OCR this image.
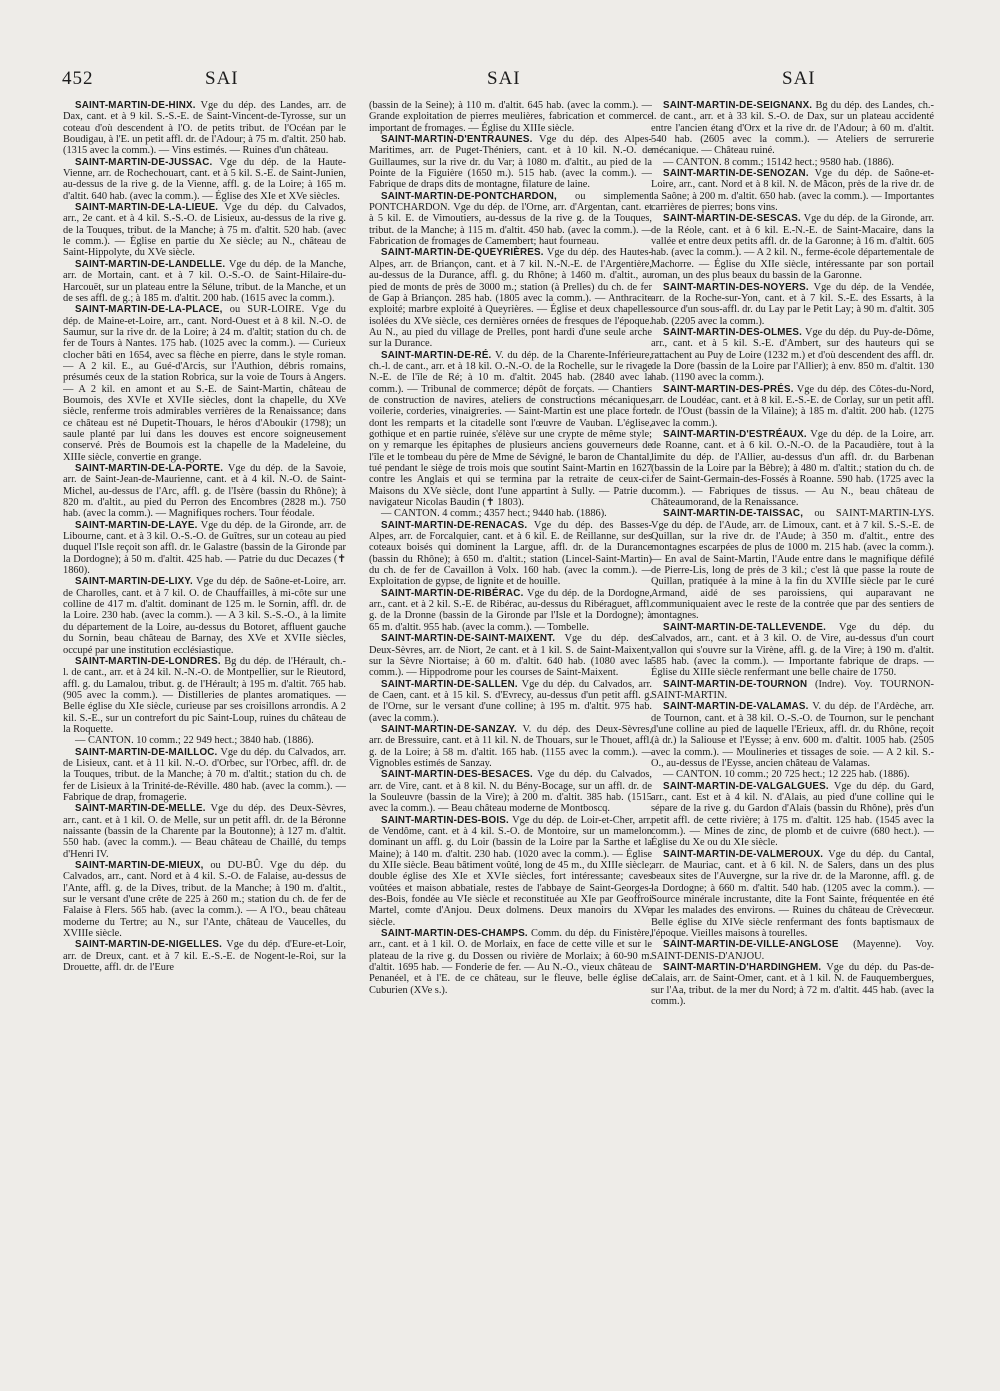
452	SAI	SAI	SAI

SAINT-MARTIN-DE-HINX. Vge du dép. des Landes, arr. de Dax, cant. et à 9 kil. S.-S.-E. de Saint-Vincent-de-Tyrosse, sur un coteau d'où descendent à l'O. de petits tribut. de l'Océan par le Boudigau, à l'E. un petit affl. dr. de l'Adour; à 75 m. d'altit. 250 hab. (1315 avec la comm.). — Vins estimés. — Ruines d'un château.

SAINT-MARTIN-DE-JUSSAC. Vge du dép. de la Haute-Vienne, arr. de Rochechouart, cant. et à 5 kil. S.-E. de Saint-Junien, au-dessus de la rive g. de la Vienne, affl. g. de la Loire; à 165 m. d'altit. 640 hab. (avec la comm.). — Église des XIe et XVe siècles.

SAINT-MARTIN-DE-LA-LIEUE. Vge du dép. du Calvados, arr., 2e cant. et à 4 kil. S.-S.-O. de Lisieux, au-dessus de la rive g. de la Touques, tribut. de la Manche; à 75 m. d'altit. 520 hab. (avec le comm.). — Église en partie du Xe siècle; au N., château de Saint-Hippolyte, du XVe siècle.

SAINT-MARTIN-DE-LANDELLE. Vge du dép. de la Manche, arr. de Mortain, cant. et à 7 kil. O.-S.-O. de Saint-Hilaire-du-Harcouët, sur un plateau entre la Sélune, tribut. de la Manche, et un de ses affl. de g.; à 185 m. d'altit. 200 hab. (1615 avec la comm.).

SAINT-MARTIN-DE-LA-PLACE, ou SUR-LOIRE. Vge du dép. de Maine-et-Loire, arr., cant. Nord-Ouest et à 8 kil. N.-O. de Saumur, sur la rive dr. de la Loire; à 24 m. d'altit; station du ch. de fer de Tours à Nantes. 175 hab. (1025 avec la comm.). — Curieux clocher bâti en 1654, avec sa flèche en pierre, dans le style roman. — A 2 kil. E., au Gué-d'Arcis, sur l'Authion, débris romains, présumés ceux de la station Robrica, sur la voie de Tours à Angers. — A 2 kil. en amont et au S.-E. de Saint-Martin, château de Boumois, des XVIe et XVIIe siècles, dont la chapelle, du XVe siècle, renferme trois admirables verrières de la Renaissance; dans ce château est né Dupetit-Thouars, le héros d'Aboukir (1798); un saule planté par lui dans les douves est encore soigneusement conservé. Près de Boumois est la chapelle de la Madeleine, du XIIIe siècle, convertie en grange.

SAINT-MARTIN-DE-LA-PORTE. Vge du dép. de la Savoie, arr. de Saint-Jean-de-Maurienne, cant. et à 4 kil. N.-O. de Saint-Michel, au-dessus de l'Arc, affl. g. de l'Isère (bassin du Rhône); à 820 m. d'altit., au pied du Perron des Encombres (2828 m.). 750 hab. (avec la comm.). — Magnifiques rochers. Tour féodale.

SAINT-MARTIN-DE-LAYE. Vge du dép. de la Gironde, arr. de Libourne, cant. et à 3 kil. O.-S.-O. de Guîtres, sur un coteau au pied duquel l'Isle reçoit son affl. dr. le Galastre (bassin de la Gironde par la Dordogne); à 50 m. d'altit. 425 hab. — Patrie du duc Decazes (✝ 1860).

SAINT-MARTIN-DE-LIXY. Vge du dép. de Saône-et-Loire, arr. de Charolles, cant. et à 7 kil. O. de Chauffailles, à mi-côte sur une colline de 417 m. d'altit. dominant de 125 m. le Sornin, affl. dr. de la Loire. 230 hab. (avec la comm.). — A 3 kil. S.-S.-O., à la limite du département de la Loire, au-dessus du Botoret, affluent gauche du Sornin, beau château de Barnay, des XVe et XVIIe siècles, occupé par une institution ecclésiastique.

SAINT-MARTIN-DE-LONDRES. Bg du dép. de l'Hérault, ch.-l. de cant., arr. et à 24 kil. N.-N.-O. de Montpellier, sur le Rieutord, affl. g. du Lamalou, tribut. g. de l'Hérault; à 195 m. d'altit. 765 hab. (905 avec la comm.). — Distilleries de plantes aromatiques. — Belle église du XIe siècle, curieuse par ses croisillons arrondis. A 2 kil. S.-E., sur un contrefort du pic Saint-Loup, ruines du château de la Roquette.

— CANTON. 10 comm.; 22 949 hect.; 3840 hab. (1886).

SAINT-MARTIN-DE-MAILLOC. Vge du dép. du Calvados, arr. de Lisieux, cant. et à 11 kil. N.-O. d'Orbec, sur l'Orbec, affl. dr. de la Touques, tribut. de la Manche; à 70 m. d'altit.; station du ch. de fer de Lisieux à la Trinité-de-Réville. 480 hab. (avec la comm.). — Fabrique de drap, fromagerie.

SAINT-MARTIN-DE-MELLE. Vge du dép. des Deux-Sèvres, arr., cant. et à 1 kil. O. de Melle, sur un petit affl. dr. de la Béronne naissante (bassin de la Charente par la Boutonne); à 127 m. d'altit. 550 hab. (avec la comm.). — Beau château de Chaillé, du temps d'Henri IV.

SAINT-MARTIN-DE-MIEUX, ou DU-BÛ. Vge du dép. du Calvados, arr., cant. Nord et à 4 kil. S.-O. de Falaise, au-dessus de l'Ante, affl. g. de la Dives, tribut. de la Manche; à 190 m. d'altit., sur le versant d'une crête de 225 à 260 m.; station du ch. de fer de Falaise à Flers. 565 hab. (avec la comm.). — A l'O., beau château moderne du Tertre; au N., sur l'Ante, château de Vaucelles, du XVIIIe siècle.

SAINT-MARTIN-DE-NIGELLES. Vge du dép. d'Eure-et-Loir, arr. de Dreux, cant. et à 7 kil. E.-S.-E. de Nogent-le-Roi, sur la Drouette, affl. dr. de l'Eure

(bassin de la Seine); à 110 m. d'altit. 645 hab. (avec la comm.). — Grande exploitation de pierres meulières, fabrication et commerce important de fromages. — Église du XIIIe siècle.

SAINT-MARTIN-D'ENTRAUNES. Vge du dép. des Alpes-Maritimes, arr. de Puget-Théniers, cant. et à 10 kil. N.-O. de Guillaumes, sur la rive dr. du Var; à 1080 m. d'altit., au pied de la Pointe de la Figuière (1650 m.). 515 hab. (avec la comm.). — Fabrique de draps dits de montagne, filature de laine.

SAINT-MARTIN-DE-PONTCHARDON, ou simplement PONTCHARDON. Vge du dép. de l'Orne, arr. d'Argentan, cant. et à 5 kil. E. de Vimoutiers, au-dessus de la rive g. de la Touques, tribut. de la Manche; à 115 m. d'altit. 450 hab. (avec la comm.). — Fabrication de fromages de Camembert; haut fourneau.

SAINT-MARTIN-DE-QUEYRIÈRES. Vge du dép. des Hautes-Alpes, arr. de Briançon, cant. et à 7 kil. N.-N.-E. de l'Argentière, au-dessus de la Durance, affl. g. du Rhône; à 1460 m. d'altit., au pied de monts de près de 3000 m.; station (à Prelles) du ch. de fer de Gap à Briançon. 285 hab. (1805 avec la comm.). — Anthracite exploité; marbre exploité à Queyrières. — Église et deux chapelles isolées du XVe siècle, ces dernières ornées de fresques de l'époque. Au N., au pied du village de Prelles, pont hardi d'une seule arche sur la Durance.

SAINT-MARTIN-DE-RÉ. V. du dép. de la Charente-Inférieure, ch.-l. de cant., arr. et à 18 kil. O.-N.-O. de la Rochelle, sur le rivage N.-E. de l'île de Ré; à 10 m. d'altit. 2045 hab. (2840 avec la comm.). — Tribunal de commerce; dépôt de forçats. — Chantiers de construction de navires, ateliers de constructions mécaniques, voilerie, corderies, vinaigreries. — Saint-Martin est une place forte dont les remparts et la citadelle sont l'œuvre de Vauban. L'église, gothique et en partie ruinée, s'élève sur une crypte de même style; on y remarque les épitaphes de plusieurs anciens gouverneurs de l'île et le tombeau du père de Mme de Sévigné, le baron de Chantal, tué pendant le siège de trois mois que soutint Saint-Martin en 1627 contre les Anglais et qui se termina par la retraite de ceux-ci. Maisons du XVe siècle, dont l'une appartint à Sully. — Patrie du navigateur Nicolas Baudin (✝ 1803).

— CANTON. 4 comm.; 4357 hect.; 9440 hab. (1886).

SAINT-MARTIN-DE-RENACAS. Vge du dép. des Basses-Alpes, arr. de Forcalquier, cant. et à 6 kil. E. de Reillanne, sur des coteaux boisés qui dominent la Largue, affl. dr. de la Durance (bassin du Rhône); à 650 m. d'altit.; station (Lincel-Saint-Martin) du ch. de fer de Cavaillon à Volx. 160 hab. (avec la comm.). — Exploitation de gypse, de lignite et de houille.

SAINT-MARTIN-DE-RIBÉRAC. Vge du dép. de la Dordogne, arr., cant. et à 2 kil. S.-E. de Ribérac, au-dessus du Ribéraguet, affl. g. de la Dronne (bassin de la Gironde par l'Isle et la Dordogne); à 65 m. d'altit. 955 hab. (avec la comm.). — Tombelle.

SAINT-MARTIN-DE-SAINT-MAIXENT. Vge du dép. des Deux-Sèvres, arr. de Niort, 2e cant. et à 1 kil. S. de Saint-Maixent, sur la Sèvre Niortaise; à 60 m. d'altit. 640 hab. (1080 avec la comm.). — Hippodrome pour les courses de Saint-Maixent.

SAINT-MARTIN-DE-SALLEN. Vge du dép. du Calvados, arr. de Caen, cant. et à 15 kil. S. d'Evrecy, au-dessus d'un petit affl. g. de l'Orne, sur le versant d'une colline; à 195 m. d'altit. 975 hab. (avec la comm.).

SAINT-MARTIN-DE-SANZAY. V. du dép. des Deux-Sèvres, arr. de Bressuire, cant. et à 11 kil. N. de Thouars, sur le Thouet, affl. g. de la Loire; à 58 m. d'altit. 165 hab. (1155 avec la comm.). — Vignobles estimés de Sanzay.

SAINT-MARTIN-DES-BESACES. Vge du dép. du Calvados, arr. de Vire, cant. et à 8 kil. N. du Bény-Bocage, sur un affl. dr. de la Souleuvre (bassin de la Vire); à 200 m. d'altit. 385 hab. (1515 avec la comm.). — Beau château moderne de Montboscq.

SAINT-MARTIN-DES-BOIS. Vge du dép. de Loir-et-Cher, arr. de Vendôme, cant. et à 4 kil. S.-O. de Montoire, sur un mamelon dominant un affl. g. du Loir (bassin de la Loire par la Sarthe et la Maine); à 140 m. d'altit. 230 hab. (1020 avec la comm.). — Église du XIIe siècle. Beau bâtiment voûté, long de 45 m., du XIIIe siècle; double église des XIe et XVIe siècles, fort intéressante; caves voûtées et maison abbatiale, restes de l'abbaye de Saint-Georges-des-Bois, fondée au VIe siècle et reconstituée au XIe par Geoffroi Martel, comte d'Anjou. Deux dolmens. Deux manoirs du XVe siècle.

SAINT-MARTIN-DES-CHAMPS. Comm. du dép. du Finistère, arr., cant. et à 1 kil. O. de Morlaix, en face de cette ville et sur le plateau de la rive g. du Dossen ou rivière de Morlaix; à 60-90 m. d'altit. 1695 hab. — Fonderie de fer. — Au N.-O., vieux château de Penanéel, et à l'E. de ce château, sur le fleuve, belle église de Cuburien (XVe s.).

SAINT-MARTIN-DE-SEIGNANX. Bg du dép. des Landes, ch.-l. de cant., arr. et à 33 kil. S.-O. de Dax, sur un plateau accidenté entre l'ancien étang d'Orx et la rive dr. de l'Adour; à 60 m. d'altit. 540 hab. (2605 avec la comm.). — Ateliers de serrurerie mécanique. — Château ruiné.

— CANTON. 8 comm.; 15142 hect.; 9580 hab. (1886).

SAINT-MARTIN-DE-SENOZAN. Vge du dép. de Saône-et-Loire, arr., cant. Nord et à 8 kil. N. de Mâcon, près de la rive dr. de la Saône; à 200 m. d'altit. 650 hab. (avec la comm.). — Importantes carrières de pierres; bons vins.

SAINT-MARTIN-DE-SESCAS. Vge du dép. de la Gironde, arr. de la Réole, cant. et à 6 kil. E.-N.-E. de Saint-Macaire, dans la vallée et entre deux petits affl. dr. de la Garonne; à 16 m. d'altit. 605 hab. (avec la comm.). — A 2 kil. N., ferme-école départementale de Machorre. — Église du XIIe siècle, intéressante par son portail roman, un des plus beaux du bassin de la Garonne.

SAINT-MARTIN-DES-NOYERS. Vge du dép. de la Vendée, arr. de la Roche-sur-Yon, cant. et à 7 kil. S.-E. des Essarts, à la source d'un sous-affl. dr. du Lay par le Petit Lay; à 90 m. d'altit. 305 hab. (2205 avec la comm.).

SAINT-MARTIN-DES-OLMES. Vge du dép. du Puy-de-Dôme, arr., cant. et à 5 kil. S.-E. d'Ambert, sur des hauteurs qui se rattachent au Puy de Loire (1232 m.) et d'où descendent des affl. dr. de la Dore (bassin de la Loire par l'Allier); à env. 850 m. d'altit. 130 hab. (1190 avec la comm.).

SAINT-MARTIN-DES-PRÉS. Vge du dép. des Côtes-du-Nord, arr. de Loudéac, cant. et à 8 kil. E.-S.-E. de Corlay, sur un petit affl. dr. de l'Oust (bassin de la Vilaine); à 185 m. d'altit. 200 hab. (1275 avec la comm.).

SAINT-MARTIN-D'ESTRÉAUX. Vge du dép. de la Loire, arr. de Roanne, cant. et à 6 kil. O.-N.-O. de la Pacaudière, tout à la limite du dép. de l'Allier, au-dessus d'un affl. dr. du Barbenan (bassin de la Loire par la Bèbre); à 480 m. d'altit.; station du ch. de fer de Saint-Germain-des-Fossés à Roanne. 590 hab. (1725 avec la comm.). — Fabriques de tissus. — Au N., beau château de Châteaumorand, de la Renaissance.

SAINT-MARTIN-DE-TAISSAC, ou SAINT-MARTIN-LYS. Vge du dép. de l'Aude, arr. de Limoux, cant. et à 7 kil. S.-S.-E. de Quillan, sur la rive dr. de l'Aude; à 350 m. d'altit., entre des montagnes escarpées de plus de 1000 m. 215 hab. (avec la comm.). — En aval de Saint-Martin, l'Aude entre dans le magnifique défilé de Pierre-Lis, long de près de 3 kil.; c'est là que passe la route de Quillan, pratiquée à la mine à la fin du XVIIIe siècle par le curé Armand, aidé de ses paroissiens, qui auparavant ne communiquaient avec le reste de la contrée que par des sentiers de montagnes.

SAINT-MARTIN-DE-TALLEVENDE. Vge du dép. du Calvados, arr., cant. et à 3 kil. O. de Vire, au-dessus d'un court vallon qui s'ouvre sur la Virène, affl. g. de la Vire; à 190 m. d'altit. 585 hab. (avec la comm.). — Importante fabrique de draps. — Église du XIIIe siècle renfermant une belle chaire de 1750.

SAINT-MARTIN-DE-TOURNON (Indre). Voy. TOURNON-SAINT-MARTIN.

SAINT-MARTIN-DE-VALAMAS. V. du dép. de l'Ardèche, arr. de Tournon, cant. et à 38 kil. O.-S.-O. de Tournon, sur le penchant d'une colline au pied de laquelle l'Erieux, affl. dr. du Rhône, reçoit (à dr.) la Saliouse et l'Eysse; à env. 600 m. d'altit. 1005 hab. (2505 avec la comm.). — Moulineries et tissages de soie. — A 2 kil. S.-O., au-dessus de l'Eysse, ancien château de Valamas.

— CANTON. 10 comm.; 20 725 hect.; 12 225 hab. (1886).

SAINT-MARTIN-DE-VALGALGUES. Vge du dép. du Gard, arr., cant. Est et à 4 kil. N. d'Alais, au pied d'une colline qui le sépare de la rive g. du Gardon d'Alais (bassin du Rhône), près d'un petit affl. de cette rivière; à 175 m. d'altit. 125 hab. (1545 avec la comm.). — Mines de zinc, de plomb et de cuivre (680 hect.). — Église du Xe ou du XIe siècle.

SAINT-MARTIN-DE-VALMEROUX. Vge du dép. du Cantal, arr. de Mauriac, cant. et à 6 kil. N. de Salers, dans un des plus beaux sites de l'Auvergne, sur la rive dr. de la Maronne, affl. g. de la Dordogne; à 660 m. d'altit. 540 hab. (1205 avec la comm.). — Source minérale incrustante, dite la Font Sainte, fréquentée en été par les malades des environs. — Ruines du château de Crèvecœur. Belle église du XIVe siècle renfermant des fonts baptismaux de l'époque. Vieilles maisons à tourelles.

SAINT-MARTIN-DE-VILLE-ANGLOSE (Mayenne). Voy. SAINT-DENIS-D'ANJOU.

SAINT-MARTIN-D'HARDINGHEM. Vge du dép. du Pas-de-Calais, arr. de Saint-Omer, cant. et à 1 kil. N. de Fauquembergues, sur l'Aa, tribut. de la mer du Nord; à 72 m. d'altit. 445 hab. (avec la comm.).
